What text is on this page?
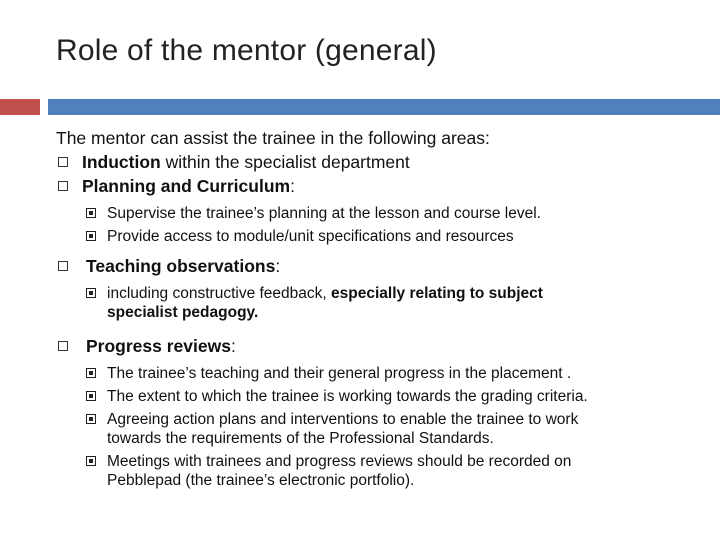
Role of the mentor (general)

The mentor can assist the trainee in the following areas:

Induction within the specialist department
Planning and Curriculum:
Supervise the trainee’s planning at the lesson and course level.
Provide access to module/unit specifications and resources
Teaching observations:
including constructive feedback, especially relating to subject
specialist pedagogy.
Progress reviews:
The trainee’s teaching and their general progress in the placement .
The extent to which the trainee is working towards the grading criteria.
Agreeing action plans and interventions to enable the trainee to work
towards the requirements of the Professional Standards.
Meetings with trainees and progress reviews should be recorded on
Pebblepad (the trainee’s electronic portfolio).
